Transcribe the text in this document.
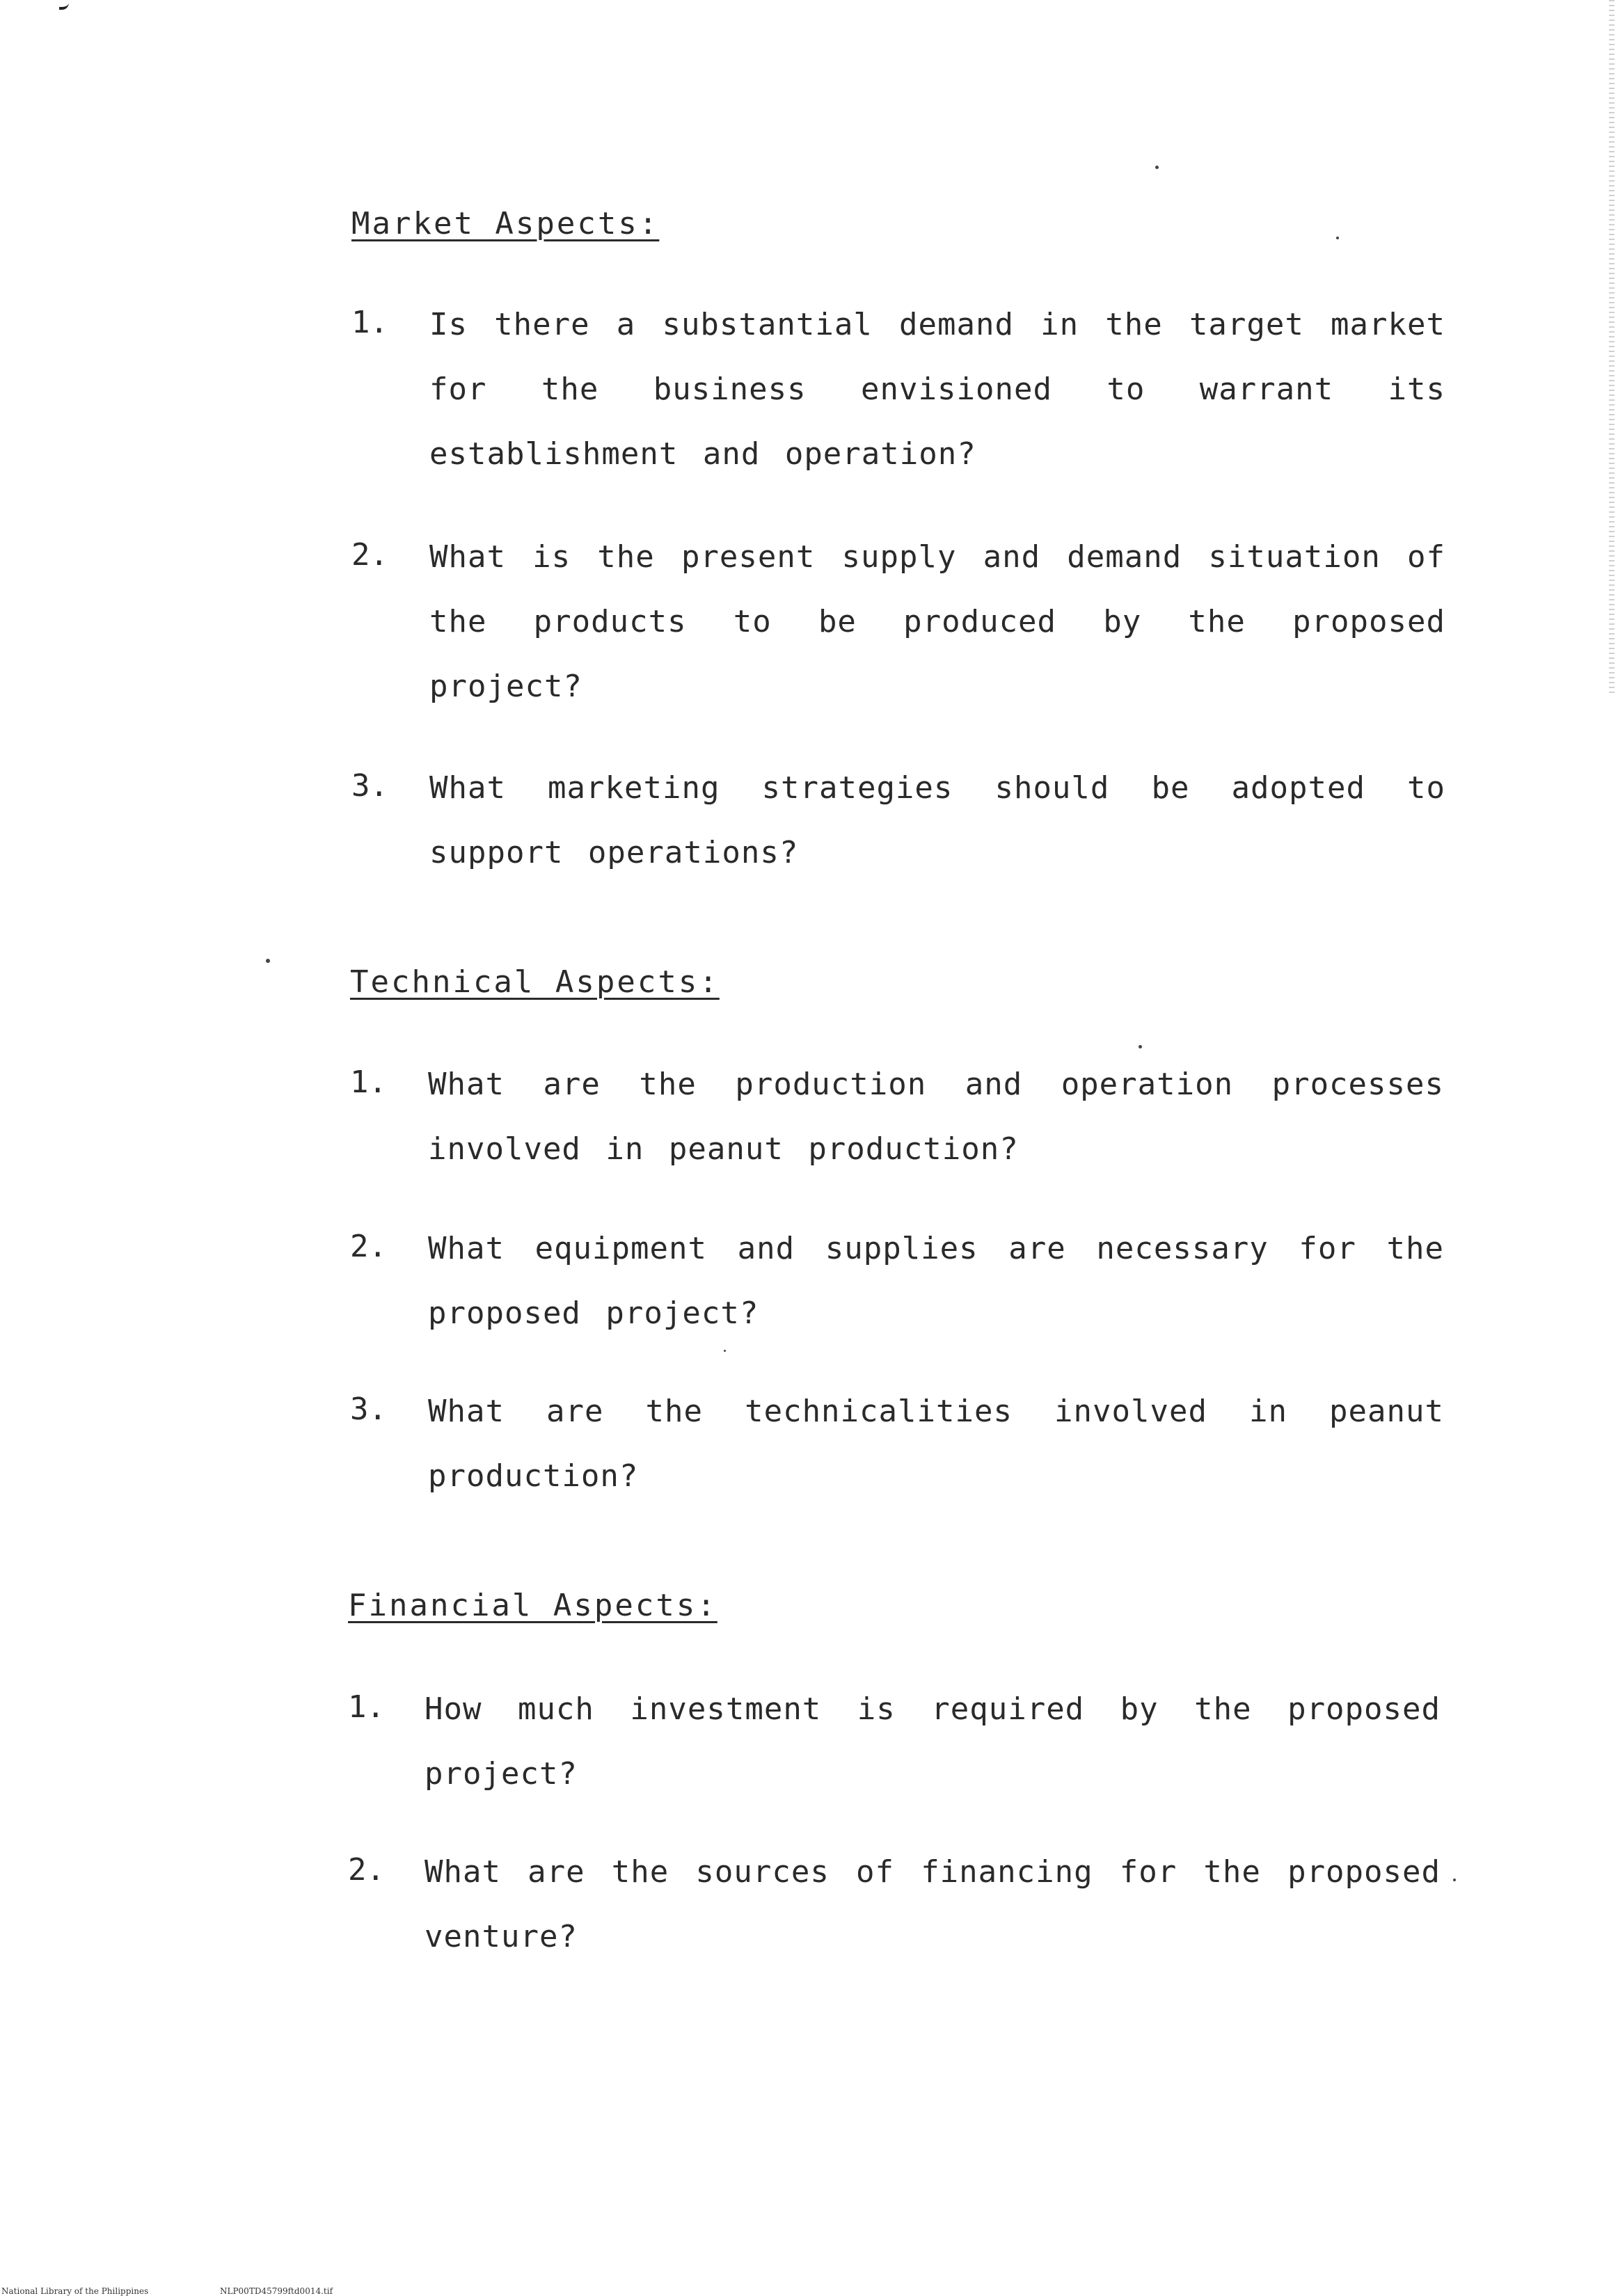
Market Aspects:
1. Is there a substantial demand in the target market for the business envisioned to warrant its establishment and operation?
2. What is the present supply and demand situation of the products to be produced by the proposed project?
3. What marketing strategies should be adopted to support operations?
Technical Aspects:
1. What are the production and operation processes involved in peanut production?
2. What equipment and supplies are necessary for the proposed project?
3. What are the technicalities involved in peanut production?
Financial Aspects:
1. How much investment is required by the proposed project?
2. What are the sources of financing for the proposed venture?
National Library of the Philippines	NLP00TD45799ftd0014.tif
